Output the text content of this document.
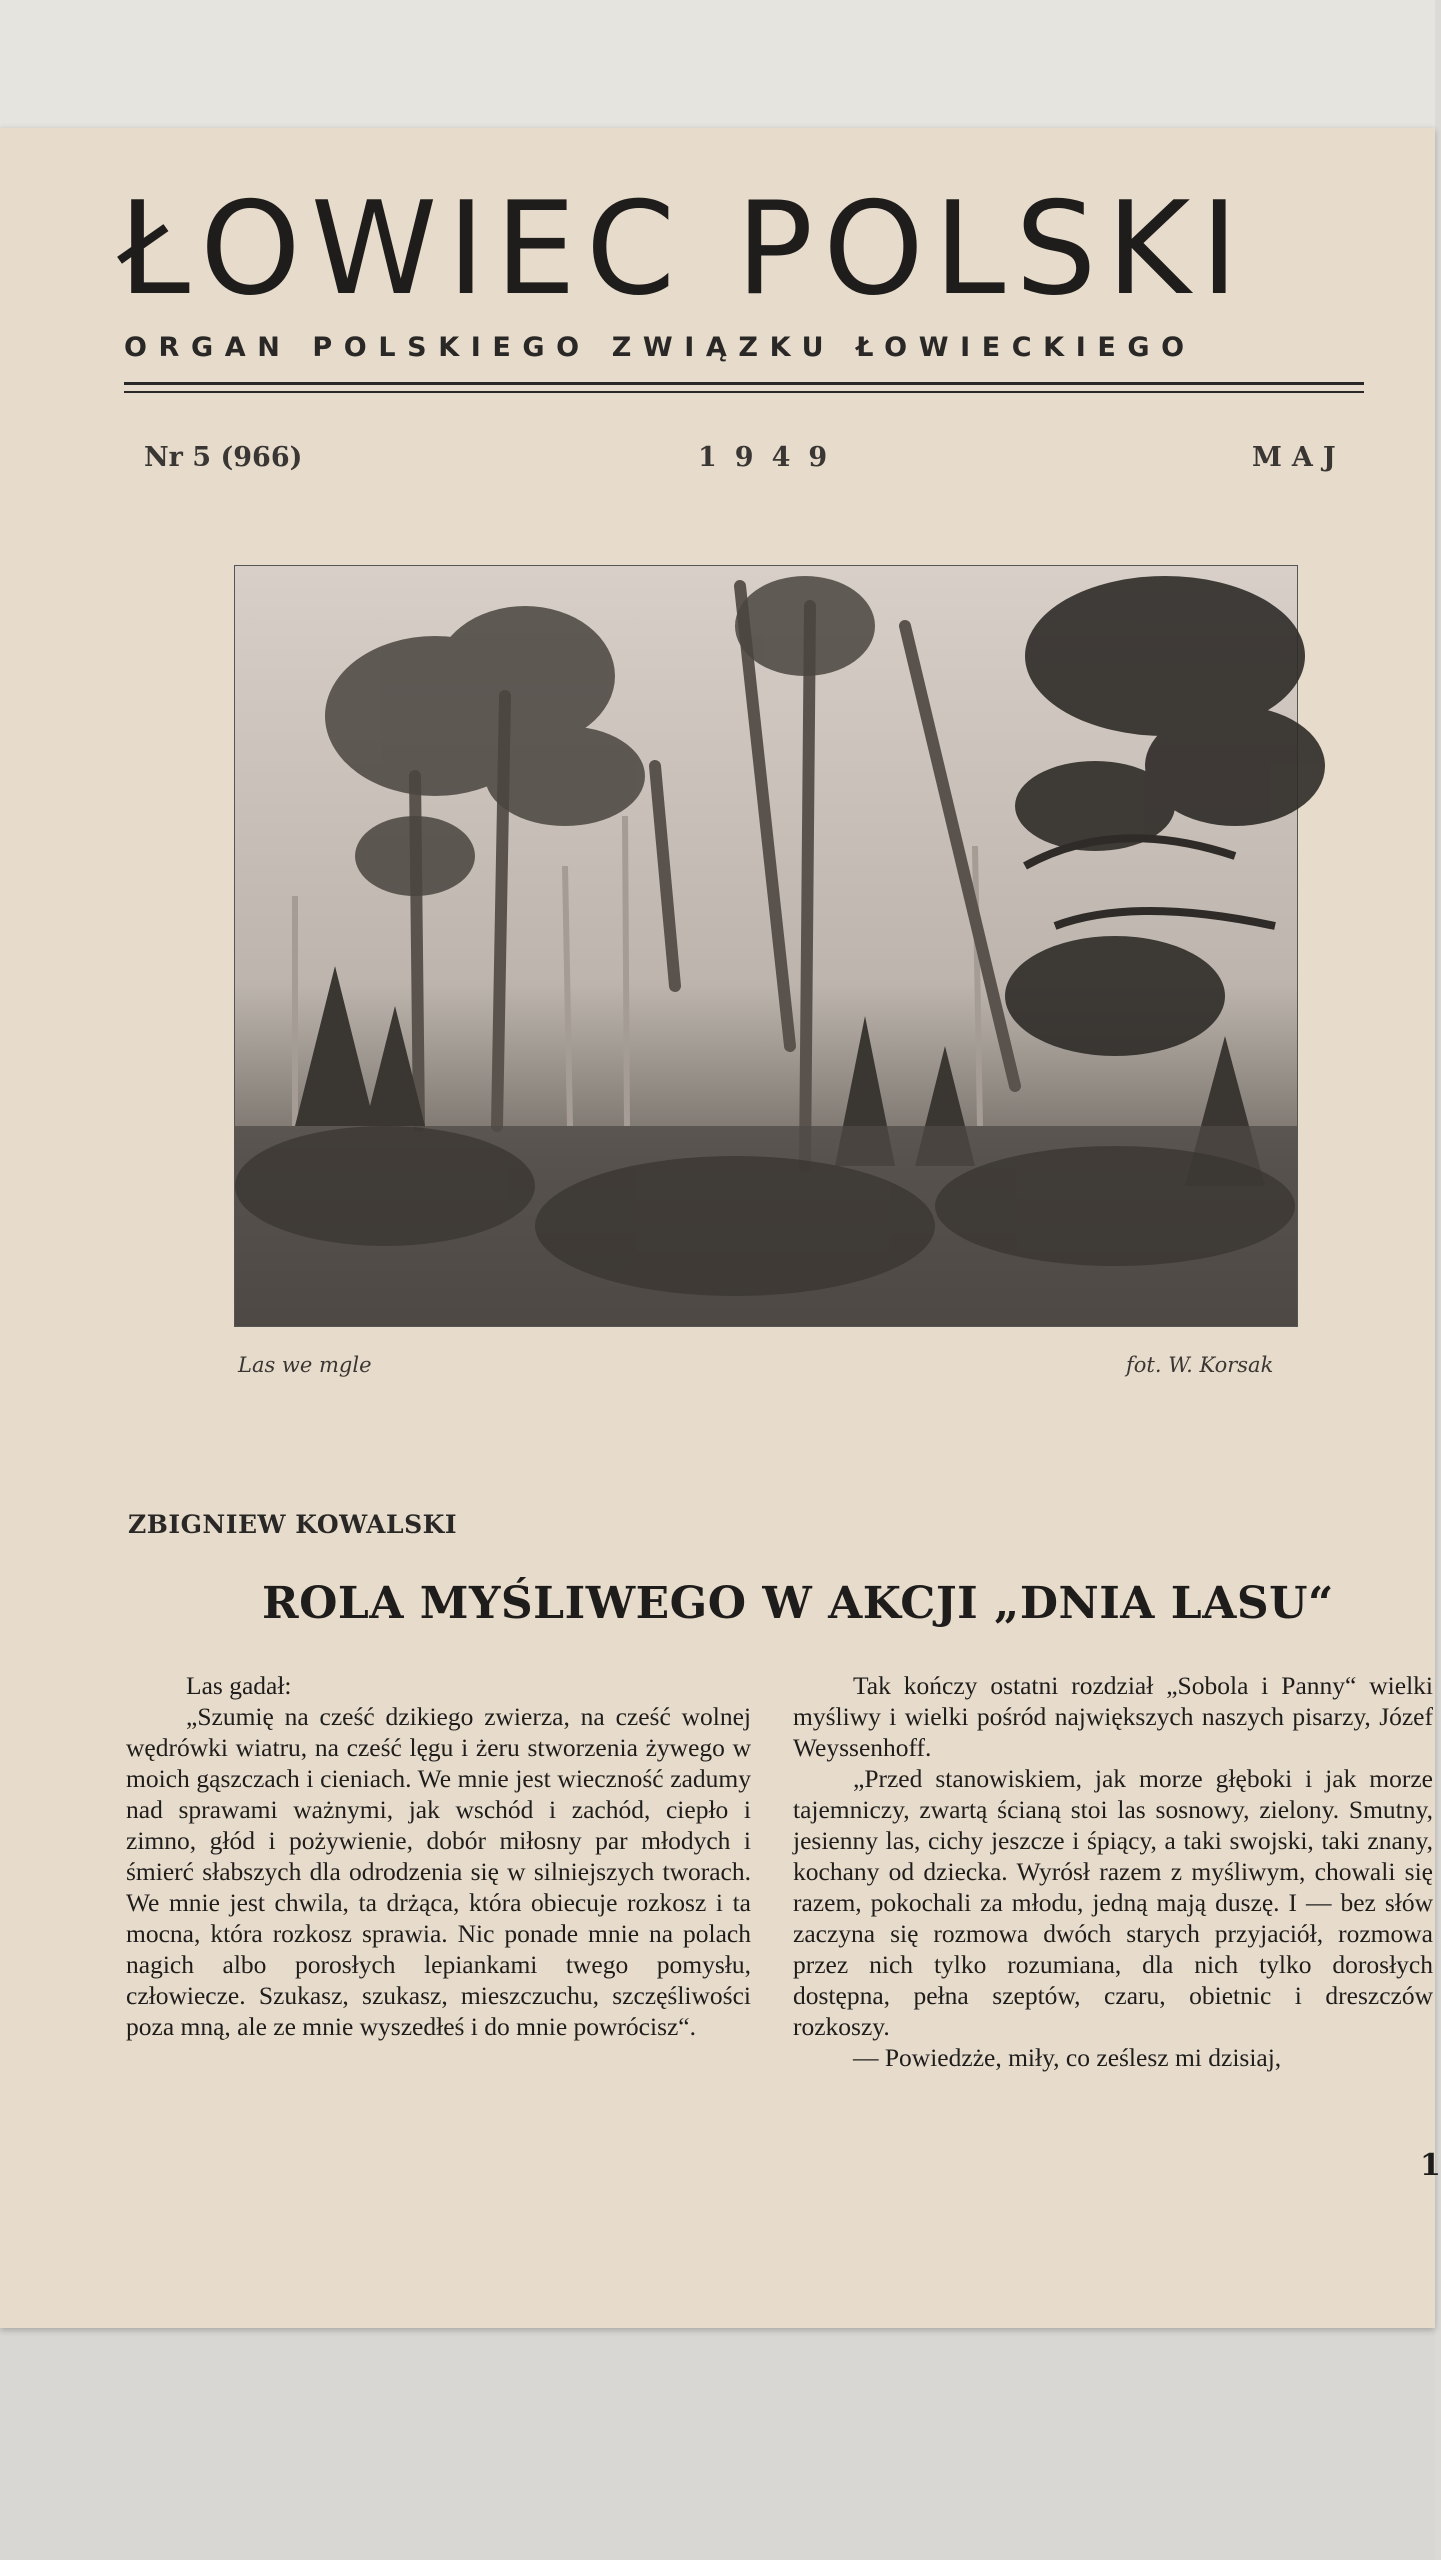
ŁOWIEC POLSKI
ORGAN POLSKIEGO ZWIĄZKU ŁOWIECKIEGO
Nr 5 (966)	1949	MAJ
Las we mgle	fot. W. Korsak
ZBIGNIEW KOWALSKI
ROLA MYŚLIWEGO W AKCJI „DNIA LASU“

Las gadał:

„Szumię na cześć dzikiego zwierza, na cześć wolnej wędrówki wiatru, na cześć lęgu i żeru stworzenia żywego w moich gąszczach i cieniach. We mnie jest wieczność zadumy nad sprawami ważnymi, jak wschód i zachód, ciepło i zimno, głód i pożywienie, dobór miłosny par młodych i śmierć słabszych dla odrodzenia się w silniejszych tworach. We mnie jest chwila, ta drżąca, która obiecuje rozkosz i ta mocna, która rozkosz sprawia. Nic ponade mnie na polach nagich albo porosłych lepiankami twego pomysłu, człowiecze. Szukasz, szukasz, mieszczuchu, szczęśliwości poza mną, ale ze mnie wyszedłeś i do mnie powrócisz“.

Tak kończy ostatni rozdział „Sobola i Panny“ wielki myśliwy i wielki pośród największych naszych pisarzy, Józef Weyssenhoff.

„Przed stanowiskiem, jak morze głęboki i jak morze tajemniczy, zwartą ścianą stoi las sosnowy, zielony. Smutny, jesienny las, cichy jeszcze i śpiący, a taki swojski, taki znany, kochany od dziecka. Wyrósł razem z myśliwym, chowali się razem, pokochali za młodu, jedną mają duszę. I — bez słów zaczyna się rozmowa dwóch starych przyjaciół, rozmowa przez nich tylko rozumiana, dla nich tylko dorosłych dostępna, pełna szeptów, czaru, obietnic i dreszczów rozkoszy.

— Powiedzże, miły, co ześlesz mi dzisiaj,

1
